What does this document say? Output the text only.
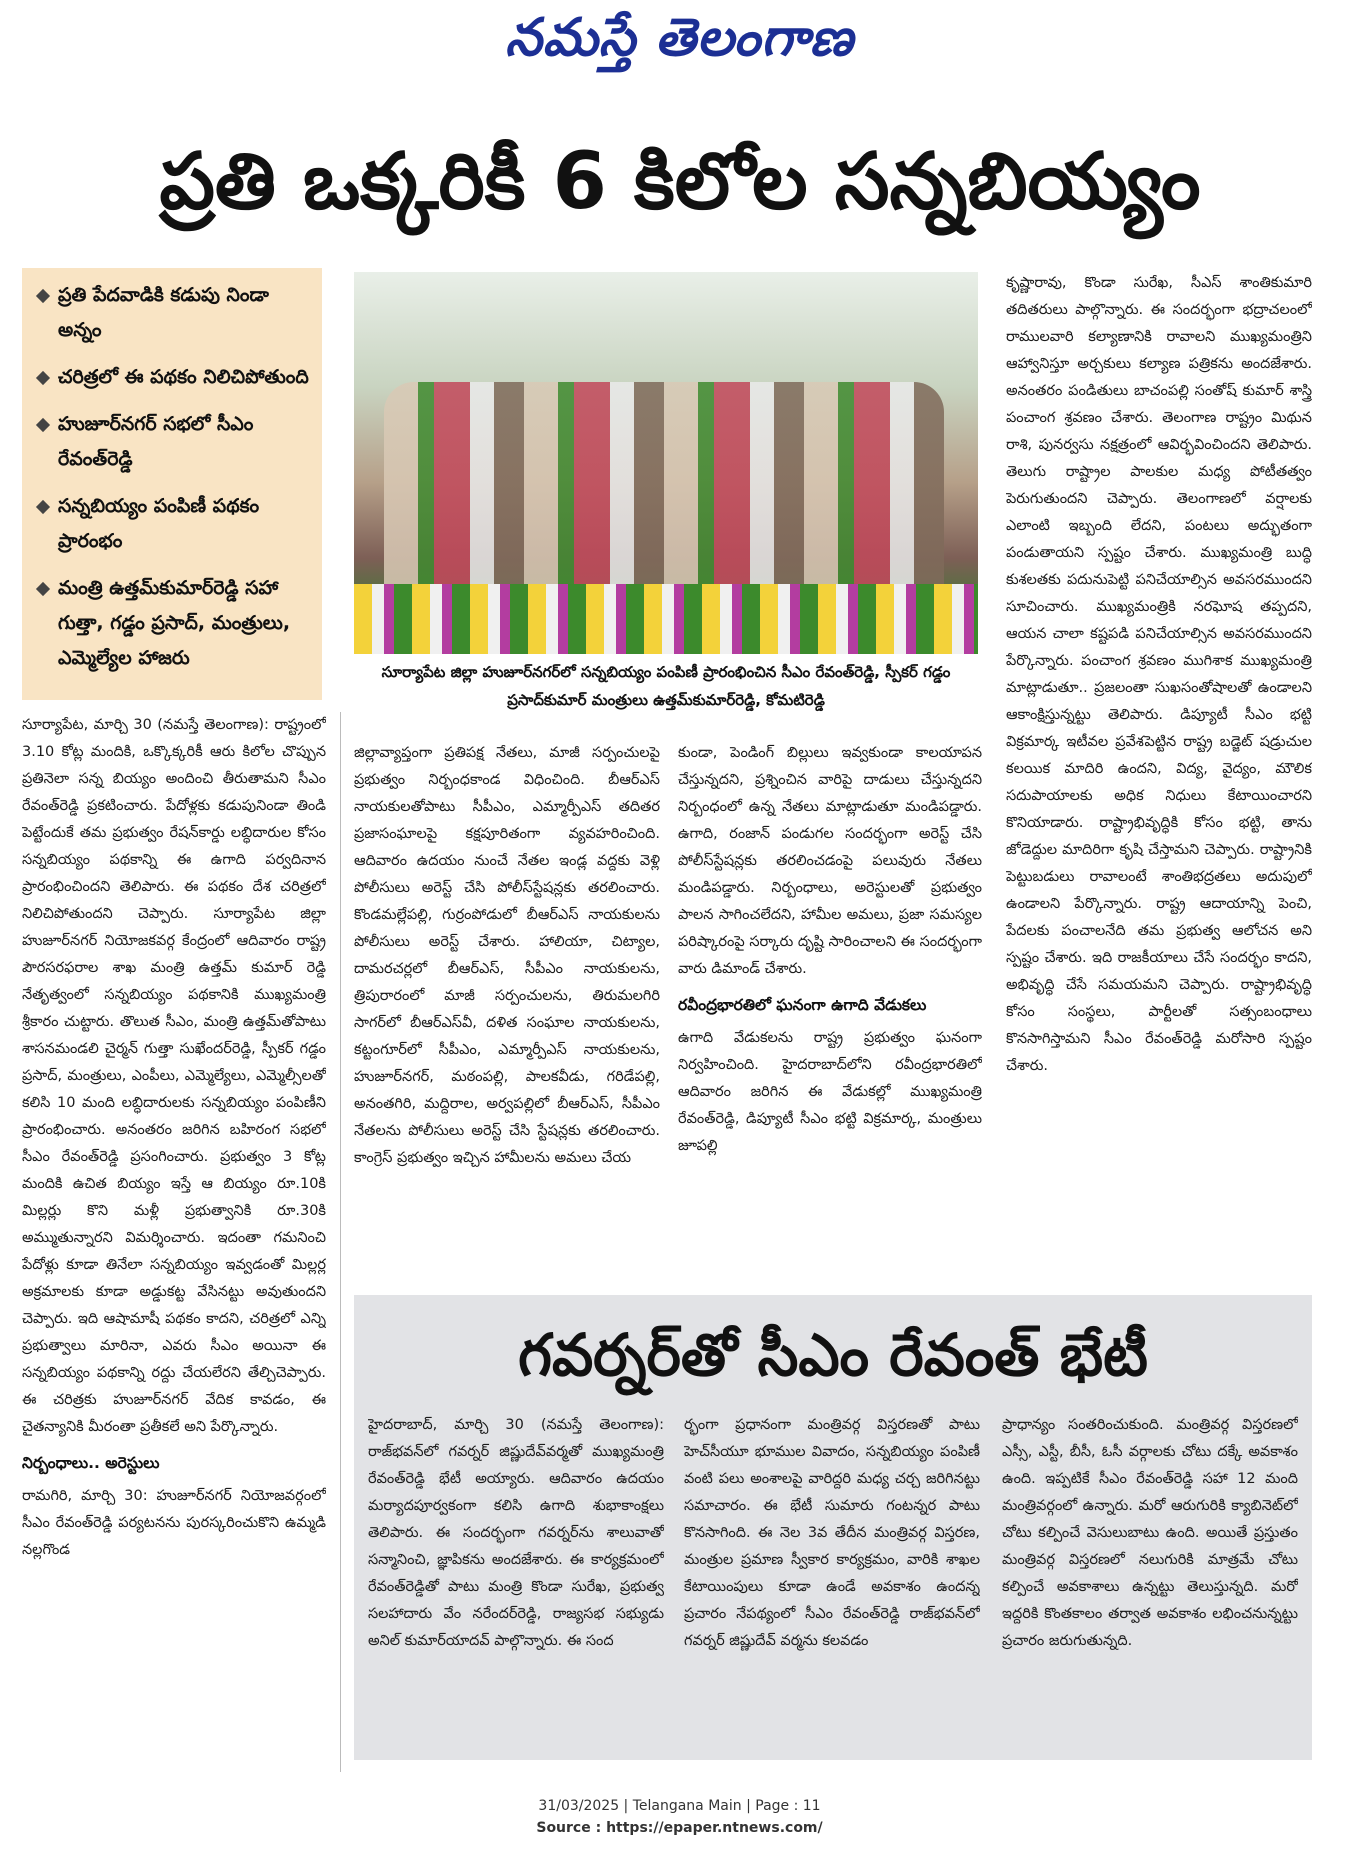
నమస్తే తెలంగాణ
ప్రతి ఒక్కరికీ 6 కిలోల సన్నబియ్యం
ప్రతి పేదవాడికి కడుపు నిండా అన్నం
చరిత్రలో ఈ పథకం నిలిచిపోతుంది
హుజూర్‌నగర్ సభలో సీఎం రేవంత్‌రెడ్డి
సన్నబియ్యం పంపిణీ పథకం ప్రారంభం
మంత్రి ఉత్తమ్‌కుమార్‌రెడ్డి సహా గుత్తా, గడ్డం ప్రసాద్, మంత్రులు, ఎమ్మెల్యేల హాజరు
సూర్యాపేట జిల్లా హుజూర్‌నగర్‌లో సన్నబియ్యం పంపిణీ ప్రారంభించిన సీఎం రేవంత్‌రెడ్డి, స్పీకర్ గడ్డం ప్రసాద్‌కుమార్ మంత్రులు ఉత్తమ్‌కుమార్‌రెడ్డి, కోమటిరెడ్డి

సూర్యాపేట, మార్చి 30 (నమస్తే తెలంగాణ): రాష్ట్రంలో 3.10 కోట్ల మందికి, ఒక్కొక్కరికీ ఆరు కిలోల చొప్పున ప్రతినెలా సన్న బియ్యం అందించి తీరుతామని సీఎం రేవంత్‌రెడ్డి ప్రకటించారు. పేదోళ్లకు కడుపునిండా తిండి పెట్టేందుకే తమ ప్రభుత్వం రేషన్‌కార్డు లబ్ధిదారుల కోసం సన్నబియ్యం పథకాన్ని ఈ ఉగాది పర్వదినాన ప్రారంభించిందని తెలిపారు. ఈ పథకం దేశ చరిత్రలో నిలిచిపోతుందని చెప్పారు. సూర్యాపేట జిల్లా హుజూర్‌నగర్ నియోజకవర్గ కేంద్రంలో ఆదివారం రాష్ట్ర పౌరసరఫరాల శాఖ మంత్రి ఉత్తమ్ కుమార్ రెడ్డి నేతృత్వంలో సన్నబియ్యం పథకానికి ముఖ్యమంత్రి శ్రీకారం చుట్టారు. తొలుత సీఎం, మంత్రి ఉత్తమ్‌తోపాటు శాసనమండలి చైర్మన్ గుత్తా సుఖేందర్‌రెడ్డి, స్పీకర్ గడ్డం ప్రసాద్, మంత్రులు, ఎంపీలు, ఎమ్మెల్యేలు, ఎమ్మెల్సీలతో కలిసి 10 మంది లబ్ధిదారులకు సన్నబియ్యం పంపిణీని ప్రారంభించారు. అనంతరం జరిగిన బహిరంగ సభలో సీఎం రేవంత్‌రెడ్డి ప్రసంగించారు. ప్రభుత్వం 3 కోట్ల మందికి ఉచిత బియ్యం ఇస్తే ఆ బియ్యం రూ.10కి మిల్లర్లు కొని మళ్లీ ప్రభుత్వానికి రూ.30కి అమ్ముతున్నారని విమర్శించారు. ఇదంతా గమనించి పేదోళ్లు కూడా తినేలా సన్నబియ్యం ఇవ్వడంతో మిల్లర్ల అక్రమాలకు కూడా అడ్డుకట్ట వేసినట్టు అవుతుందని చెప్పారు. ఇది ఆషామాషీ పథకం కాదని, చరిత్రలో ఎన్ని ప్రభుత్వాలు మారినా, ఎవరు సీఎం అయినా ఈ సన్నబియ్యం పథకాన్ని రద్దు చేయలేరని తేల్చిచెప్పారు. ఈ చరిత్రకు హుజూర్‌నగర్ వేదిక కావడం, ఈ చైతన్యానికి మీరంతా ప్రతీకలే అని పేర్కొన్నారు.

నిర్బంధాలు.. అరెస్టులు

రామగిరి, మార్చి 30: హుజూర్‌నగర్ నియోజవర్గంలో సీఎం రేవంత్‌రెడ్డి పర్యటనను పురస్కరించుకొని ఉమ్మడి నల్లగొండ

జిల్లావ్యాప్తంగా ప్రతిపక్ష నేతలు, మాజీ సర్పంచులపై ప్రభుత్వం నిర్బంధకాండ విధించింది. బీఆర్‌ఎస్ నాయకులతోపాటు సీపీఎం, ఎమ్మార్పీఎస్ తదితర ప్రజాసంఘాలపై కక్షపూరితంగా వ్యవహరించింది. ఆదివారం ఉదయం నుంచే నేతల ఇండ్ల వద్దకు వెళ్లి పోలీసులు అరెస్ట్ చేసి పోలీస్‌స్టేషన్లకు తరలించారు. కొండమల్లేపల్లి, గుర్రంపోడులో బీఆర్‌ఎస్ నాయకులను పోలీసులు అరెస్ట్ చేశారు. హాలియా, చిట్యాల, దామరచర్లలో బీఆర్‌ఎస్, సీపీఎం నాయకులను, త్రిపురారంలో మాజీ సర్పంచులను, తిరుమలగిరి సాగర్‌లో బీఆర్‌ఎస్‌వీ, దళిత సంఘాల నాయకులను, కట్టంగూర్‌లో సీపీఎం, ఎమ్మార్పీఎస్ నాయకులను, హుజూర్‌నగర్, మఠంపల్లి, పాలకవీడు, గరిడేపల్లి, అనంతగిరి, మద్దిరాల, అర్వపల్లిలో బీఆర్‌ఎస్, సీపీఎం నేతలను పోలీసులు అరెస్ట్ చేసి స్టేషన్లకు తరలించారు. కాంగ్రెస్ ప్రభుత్వం ఇచ్చిన హామీలను అమలు చేయ

కుండా, పెండింగ్ బిల్లులు ఇవ్వకుండా కాలయాపన చేస్తున్నదని, ప్రశ్నించిన వారిపై దాడులు చేస్తున్నదని నిర్బంధంలో ఉన్న నేతలు మాట్లాడుతూ మండిపడ్డారు. ఉగాది, రంజాన్ పండుగల సందర్భంగా అరెస్ట్ చేసి పోలీస్‌స్టేషన్లకు తరలించడంపై పలువురు నేతలు మండిపడ్డారు. నిర్బంధాలు, అరెస్టులతో ప్రభుత్వం పాలన సాగించలేదని, హామీల అమలు, ప్రజా సమస్యల పరిష్కారంపై సర్కారు దృష్టి సారించాలని ఈ సందర్భంగా వారు డిమాండ్ చేశారు.

రవీంద్రభారతిలో ఘనంగా ఉగాది వేడుకలు

ఉగాది వేడుకలను రాష్ట్ర ప్రభుత్వం ఘనంగా నిర్వహించింది. హైదరాబాద్‌లోని రవీంద్రభారతిలో ఆదివారం జరిగిన ఈ వేడుకల్లో ముఖ్యమంత్రి రేవంత్‌రెడ్డి, డిప్యూటీ సీఎం భట్టి విక్రమార్క, మంత్రులు జూపల్లి

కృష్ణారావు, కొండా సురేఖ, సీఎస్ శాంతికుమారి తదితరులు పాల్గొన్నారు. ఈ సందర్భంగా భద్రాచలంలో రాములవారి కల్యాణానికి రావాలని ముఖ్యమంత్రిని ఆహ్వానిస్తూ అర్చకులు కల్యాణ పత్రికను అందజేశారు. అనంతరం పండితులు బాచంపల్లి సంతోష్ కుమార్ శాస్త్రి పంచాంగ శ్రవణం చేశారు. తెలంగాణ రాష్ట్రం మిథున రాశి, పునర్వసు నక్షత్రంలో ఆవిర్భవించిందని తెలిపారు. తెలుగు రాష్ట్రాల పాలకుల మధ్య పోటీతత్వం పెరుగుతుందని చెప్పారు. తెలంగాణలో వర్షాలకు ఎలాంటి ఇబ్బంది లేదని, పంటలు అద్భుతంగా పండుతాయని స్పష్టం చేశారు. ముఖ్యమంత్రి బుద్ధి కుశలతకు పదునుపెట్టి పనిచేయాల్సిన అవసరముందని సూచించారు. ముఖ్యమంత్రికి నరఘోష తప్పదని, ఆయన చాలా కష్టపడి పనిచేయాల్సిన అవసరముందని పేర్కొన్నారు. పంచాంగ శ్రవణం ముగిశాక ముఖ్యమంత్రి మాట్లాడుతూ.. ప్రజలంతా సుఖసంతోషాలతో ఉండాలని ఆకాంక్షిస్తున్నట్టు తెలిపారు. డిప్యూటీ సీఎం భట్టి విక్రమార్క ఇటీవల ప్రవేశపెట్టిన రాష్ట్ర బడ్జెట్ షడ్రుచుల కలయిక మాదిరి ఉందని, విద్య, వైద్యం, మౌలిక సదుపాయాలకు అధిక నిధులు కేటాయించారని కొనియాడారు. రాష్ట్రాభివృద్ధికి కోసం భట్టి, తాను జోడెద్దుల మాదిరిగా కృషి చేస్తామని చెప్పారు. రాష్ట్రానికి పెట్టుబడులు రావాలంటే శాంతిభద్రతలు అదుపులో ఉండాలని పేర్కొన్నారు. రాష్ట్ర ఆదాయాన్ని పెంచి, పేదలకు పంచాలనేది తమ ప్రభుత్వ ఆలోచన అని స్పష్టం చేశారు. ఇది రాజకీయాలు చేసే సందర్భం కాదని, అభివృద్ధి చేసే సమయమని చెప్పారు. రాష్ట్రాభివృద్ధి కోసం సంస్థలు, పార్టీలతో సత్సంబంధాలు కొనసాగిస్తామని సీఎం రేవంత్‌రెడ్డి మరోసారి స్పష్టం చేశారు.

గవర్నర్‌తో సీఎం రేవంత్ భేటీ

హైదరాబాద్, మార్చి 30 (నమస్తే తెలంగాణ): రాజ్‌భవన్‌లో గవర్నర్ జిష్ణుదేవ్‌వర్మతో ముఖ్యమంత్రి రేవంత్‌రెడ్డి భేటీ అయ్యారు. ఆదివారం ఉదయం మర్యాదపూర్వకంగా కలిసి ఉగాది శుభాకాంక్షలు తెలిపారు. ఈ సందర్భంగా గవర్నర్‌ను శాలువాతో సన్మానించి, జ్ఞాపికను అందజేశారు. ఈ కార్యక్రమంలో రేవంత్‌రెడ్డితో పాటు మంత్రి కొండా సురేఖ, ప్రభుత్వ సలహాదారు వేం నరేందర్‌రెడ్డి, రాజ్యసభ సభ్యుడు అనిల్ కుమార్‌యాదవ్ పాల్గొన్నారు. ఈ సంద

ర్భంగా ప్రధానంగా మంత్రివర్గ విస్తరణతో పాటు హెచ్‌సీయూ భూముల వివాదం, సన్నబియ్యం పంపిణీ వంటి పలు అంశాలపై వారిద్దరి మధ్య చర్చ జరిగినట్టు సమాచారం. ఈ భేటీ సుమారు గంటన్నర పాటు కొనసాగింది. ఈ నెల 3వ తేదీన మంత్రివర్గ విస్తరణ, మంత్రుల ప్రమాణ స్వీకార కార్యక్రమం, వారికి శాఖల కేటాయింపులు కూడా ఉండే అవకాశం ఉందన్న ప్రచారం నేపథ్యంలో సీఎం రేవంత్‌రెడ్డి రాజ్‌భవన్‌లో గవర్నర్ జిష్ణుదేవ్ వర్మను కలవడం

ప్రాధాన్యం సంతరించుకుంది. మంత్రివర్గ విస్తరణలో ఎస్సీ, ఎస్టీ, బీసీ, ఓసీ వర్గాలకు చోటు దక్కే అవకాశం ఉంది. ఇప్పటికే సీఎం రేవంత్‌రెడ్డి సహా 12 మంది మంత్రివర్గంలో ఉన్నారు. మరో ఆరుగురికి క్యాబినెట్‌లో చోటు కల్పించే వెసులుబాటు ఉంది. అయితే ప్రస్తుతం మంత్రివర్గ విస్తరణలో నలుగురికి మాత్రమే చోటు కల్పించే అవకాశాలు ఉన్నట్టు తెలుస్తున్నది. మరో ఇద్దరికి కొంతకాలం తర్వాత అవకాశం లభించనున్నట్టు ప్రచారం జరుగుతున్నది.

31/03/2025 | Telangana Main | Page : 11
Source : https://epaper.ntnews.com/
